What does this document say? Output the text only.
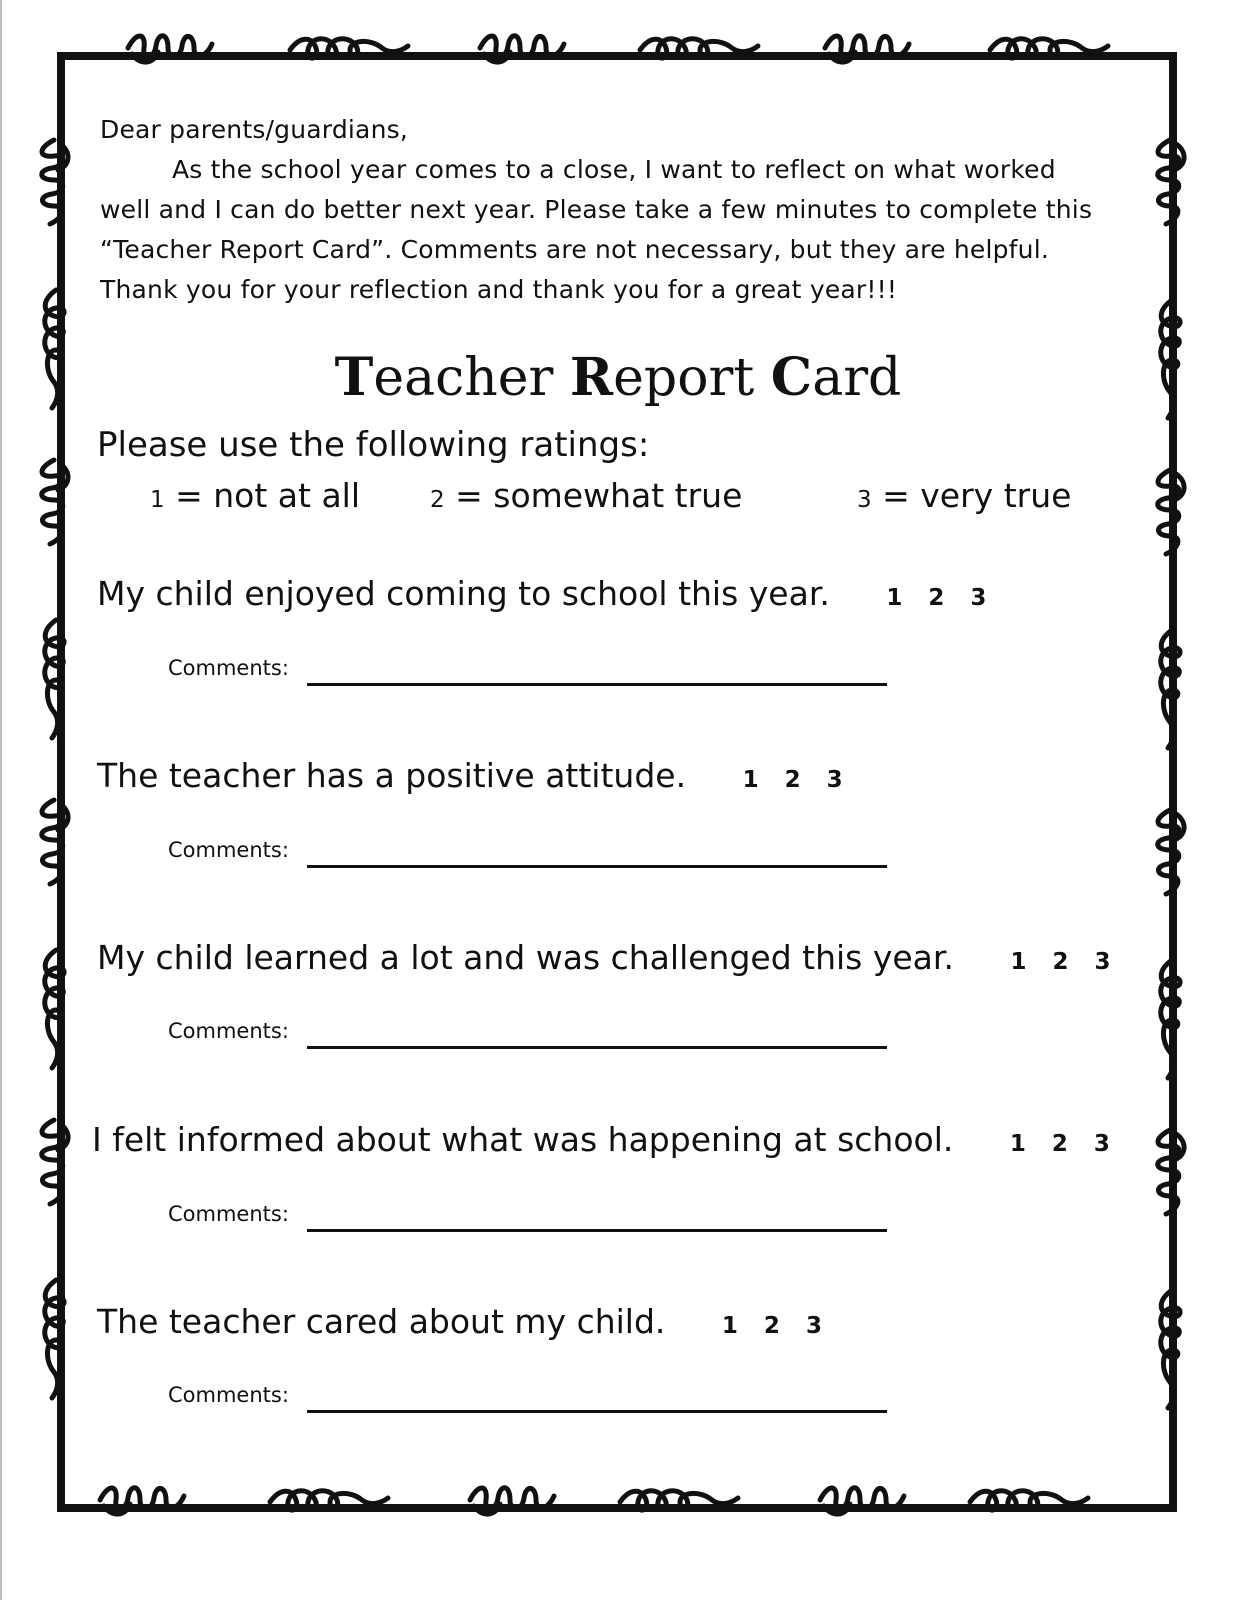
Dear parents/guardians,

As the school year comes to a close, I want to reflect on what worked well and I can do better next year. Please take a few minutes to complete this “Teacher Report Card”. Comments are not necessary, but they are helpful. Thank you for your reflection and thank you for a great year!!!

Teacher Report Card
Please use the following ratings:
1 = not at all	2 = somewhat true	3 = very true
My child enjoyed coming to school this year. 1 2 3
Comments:
The teacher has a positive attitude. 1 2 3
Comments:
My child learned a lot and was challenged this year. 1 2 3
Comments:
I felt informed about what was happening at school. 1 2 3
Comments:
The teacher cared about my child. 1 2 3
Comments:
